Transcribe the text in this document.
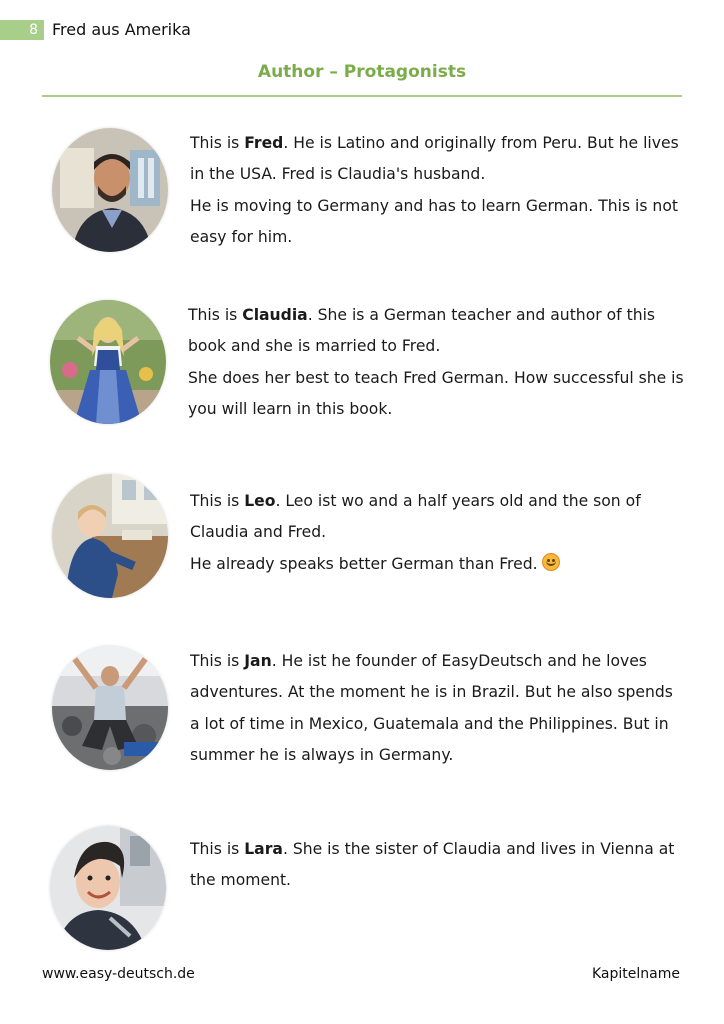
8 Fred aus Amerika
Author – Protagonists

This is Fred. He is Latino and originally from Peru. But he lives in the USA. Fred is Claudia's husband.
He is moving to Germany and has to learn German. This is not easy for him.

This is Claudia. She is a German teacher and author of this book and she is married to Fred.
She does her best to teach Fred German. How successful she is you will learn in this book.

This is Leo. Leo ist wo and a half years old and the son of Claudia and Fred.
He already speaks better German than Fred.

This is Jan. He ist he founder of EasyDeutsch and he loves adventures. At the moment he is in Brazil. But he also spends a lot of time in Mexico, Guatemala and the Philippines. But in summer he is always in Germany.

This is Lara. She is the sister of Claudia and lives in Vienna at the moment.

www.easy-deutsch.de	Kapitelname
